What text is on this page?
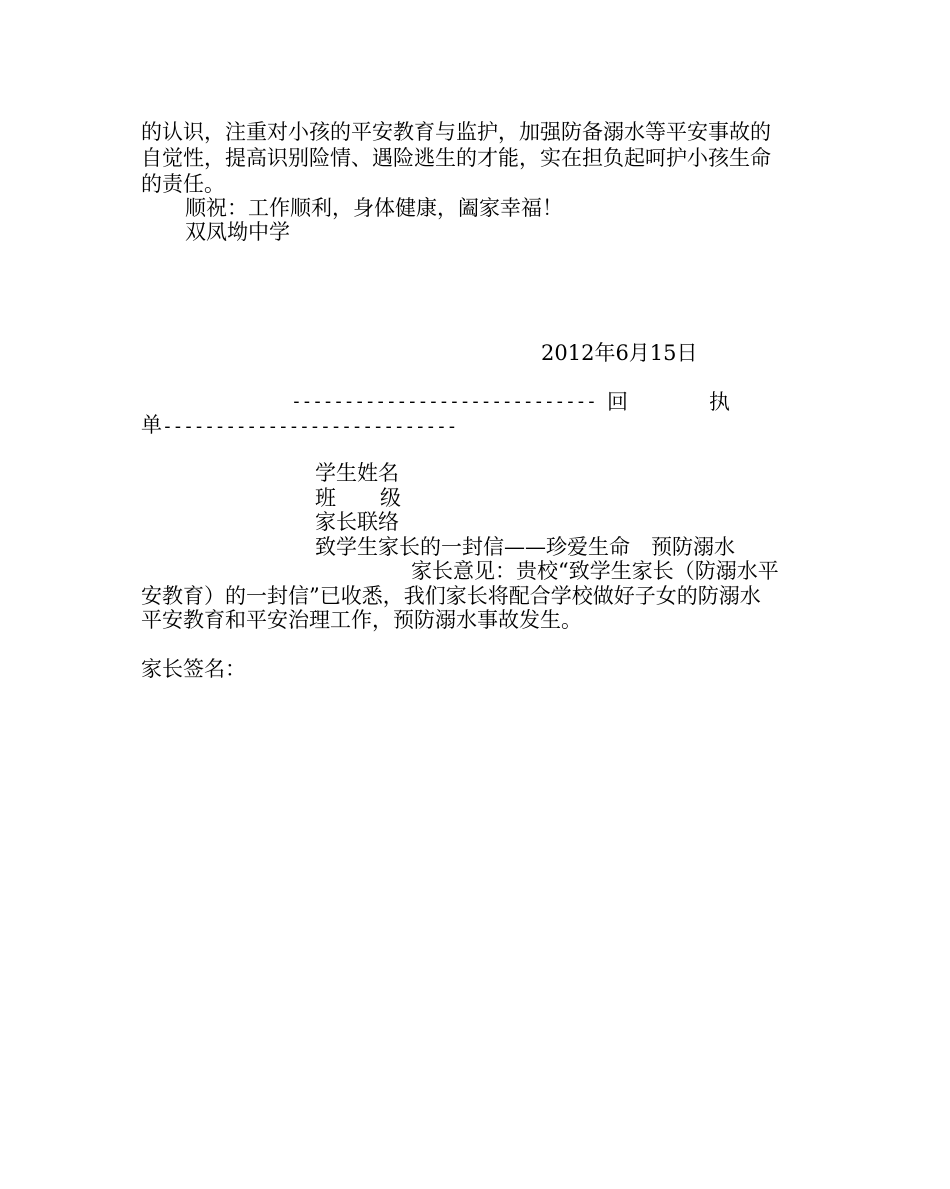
的认识，注重对小孩的平安教育与监护，加强防备溺水等平安事故的
自觉性，提高识别险情、遇险逃生的才能，实在担负起呵护小孩生命
的责任。
顺祝：工作顺利，身体健康，阖家幸福！
双凤坳中学
2012年6月15日
----------------------------- 回	执
单----------------------------
学生姓名
班 级
家长联络
致学生家长的一封信——珍爱生命　预防溺水
家长意见：贵校“致学生家长（防溺水平
安教育）的一封信”已收悉，我们家长将配合学校做好子女的防溺水
平安教育和平安治理工作，预防溺水事故发生。
家长签名：
